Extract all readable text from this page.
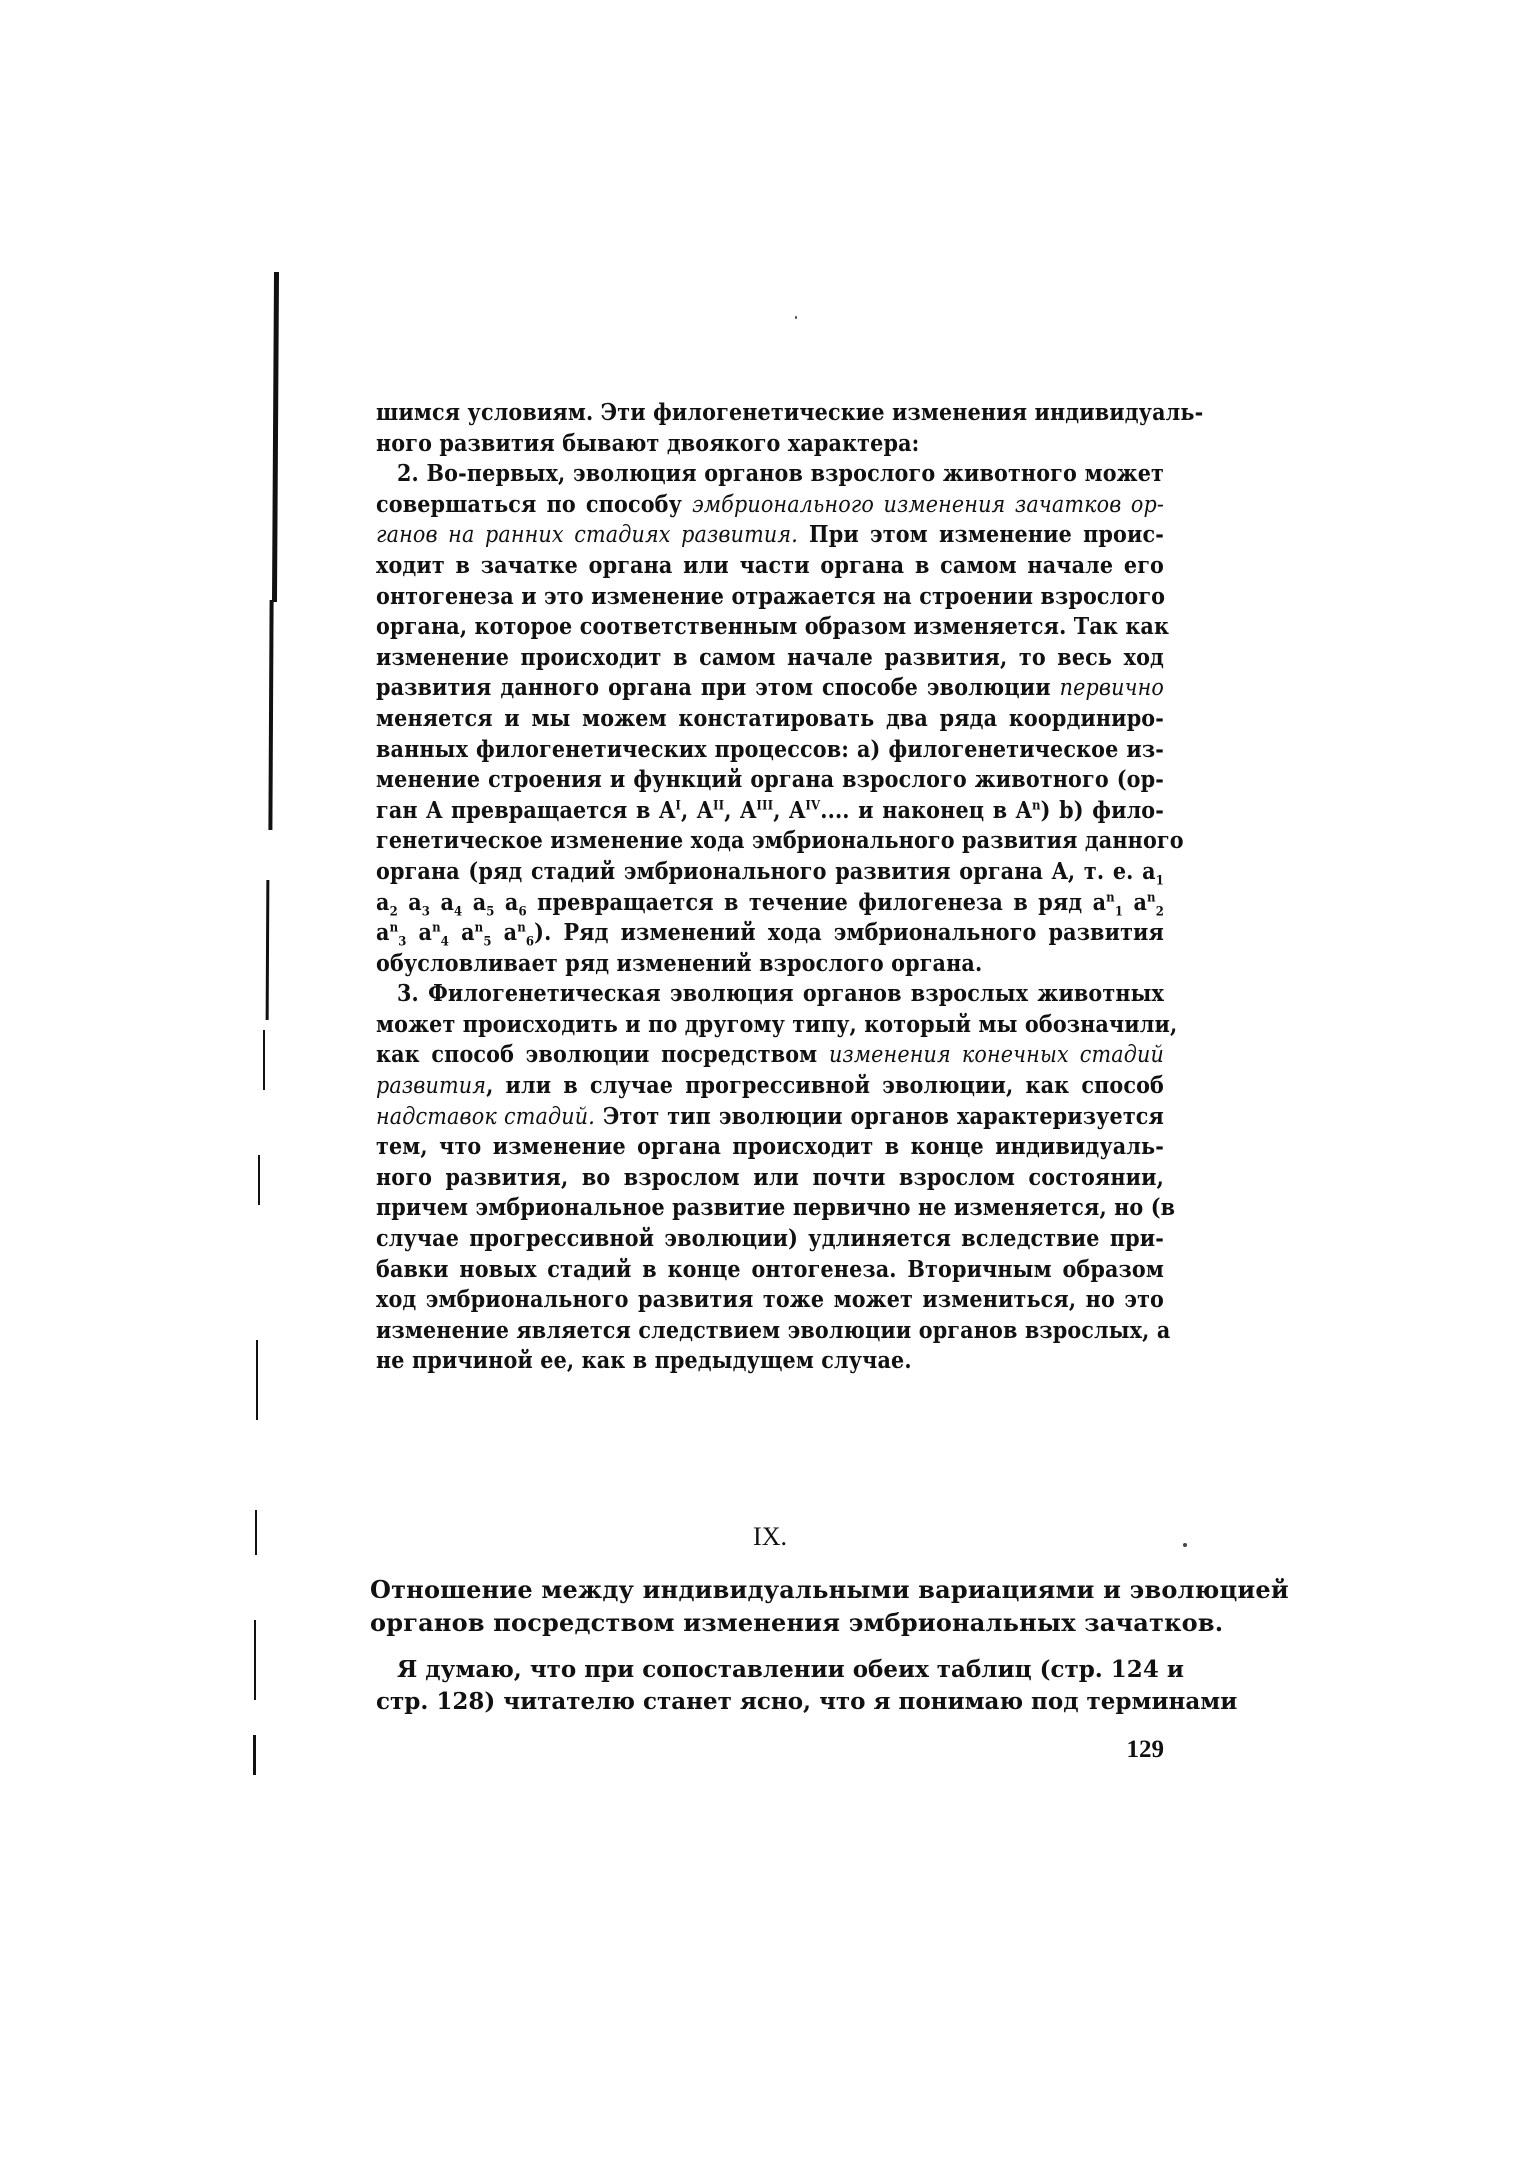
шимся условиям. Эти филогенетические изменения индивидуаль-
ного развития бывают двоякого характера:

2. Во-первых, эволюция органов взрослого животного может
совершаться по способу эмбрионального изменения зачатков ор-
ганов на ранних стадиях развития. При этом изменение проис-
ходит в зачатке органа или части органа в самом начале его
онтогенеза и это изменение отражается на строении взрослого
органа, которое соответственным образом изменяется. Так как
изменение происходит в самом начале развития, то весь ход
развития данного органа при этом способе эволюции первично
меняется и мы можем констатировать два ряда координиро-
ванных филогенетических процессов: a) филогенетическое из-
менение строения и функций органа взрослого животного (ор-
ган A превращается в $A^I$, $A^{II}$, $A^{III}$, $A^{IV}$.... и наконец в $A^n$) b) фило-
генетическое изменение хода эмбрионального развития данного
органа (ряд стадий эмбрионального развития органа A, т. е. $a_1$
$a_2$ $a_3$ $a_4$ $a_5$ $a_6$ превращается в течение филогенеза в ряд $a^n_1$ $a^n_2$
$a^n_3$ $a^n_4$ $a^n_5$ $a^n_6$). Ряд изменений хода эмбрионального развития
обусловливает ряд изменений взрослого органа.

3. Филогенетическая эволюция органов взрослых животных
может происходить и по другому типу, который мы обозначили,
как способ эволюции посредством изменения конечных стадий
развития, или в случае прогрессивной эволюции, как способ
надставок стадий. Этот тип эволюции органов характеризуется
тем, что изменение органа происходит в конце индивидуаль-
ного развития, во взрослом или почти взрослом состоянии,
причем эмбриональное развитие первично не изменяется, но (в
случае прогрессивной эволюции) удлиняется вследствие при-
бавки новых стадий в конце онтогенеза. Вторичным образом
ход эмбрионального развития тоже может измениться, но это
изменение является следствием эволюции органов взрослых, а
не причиной ее, как в предыдущем случае.

IX.
Отношение между индивидуальными вариациями и эволюцией
органов посредством изменения эмбриональных зачатков.
Я думаю, что при сопоставлении обеих таблиц (стр. 124 и
стр. 128) читателю станет ясно, что я понимаю под терминами
129
